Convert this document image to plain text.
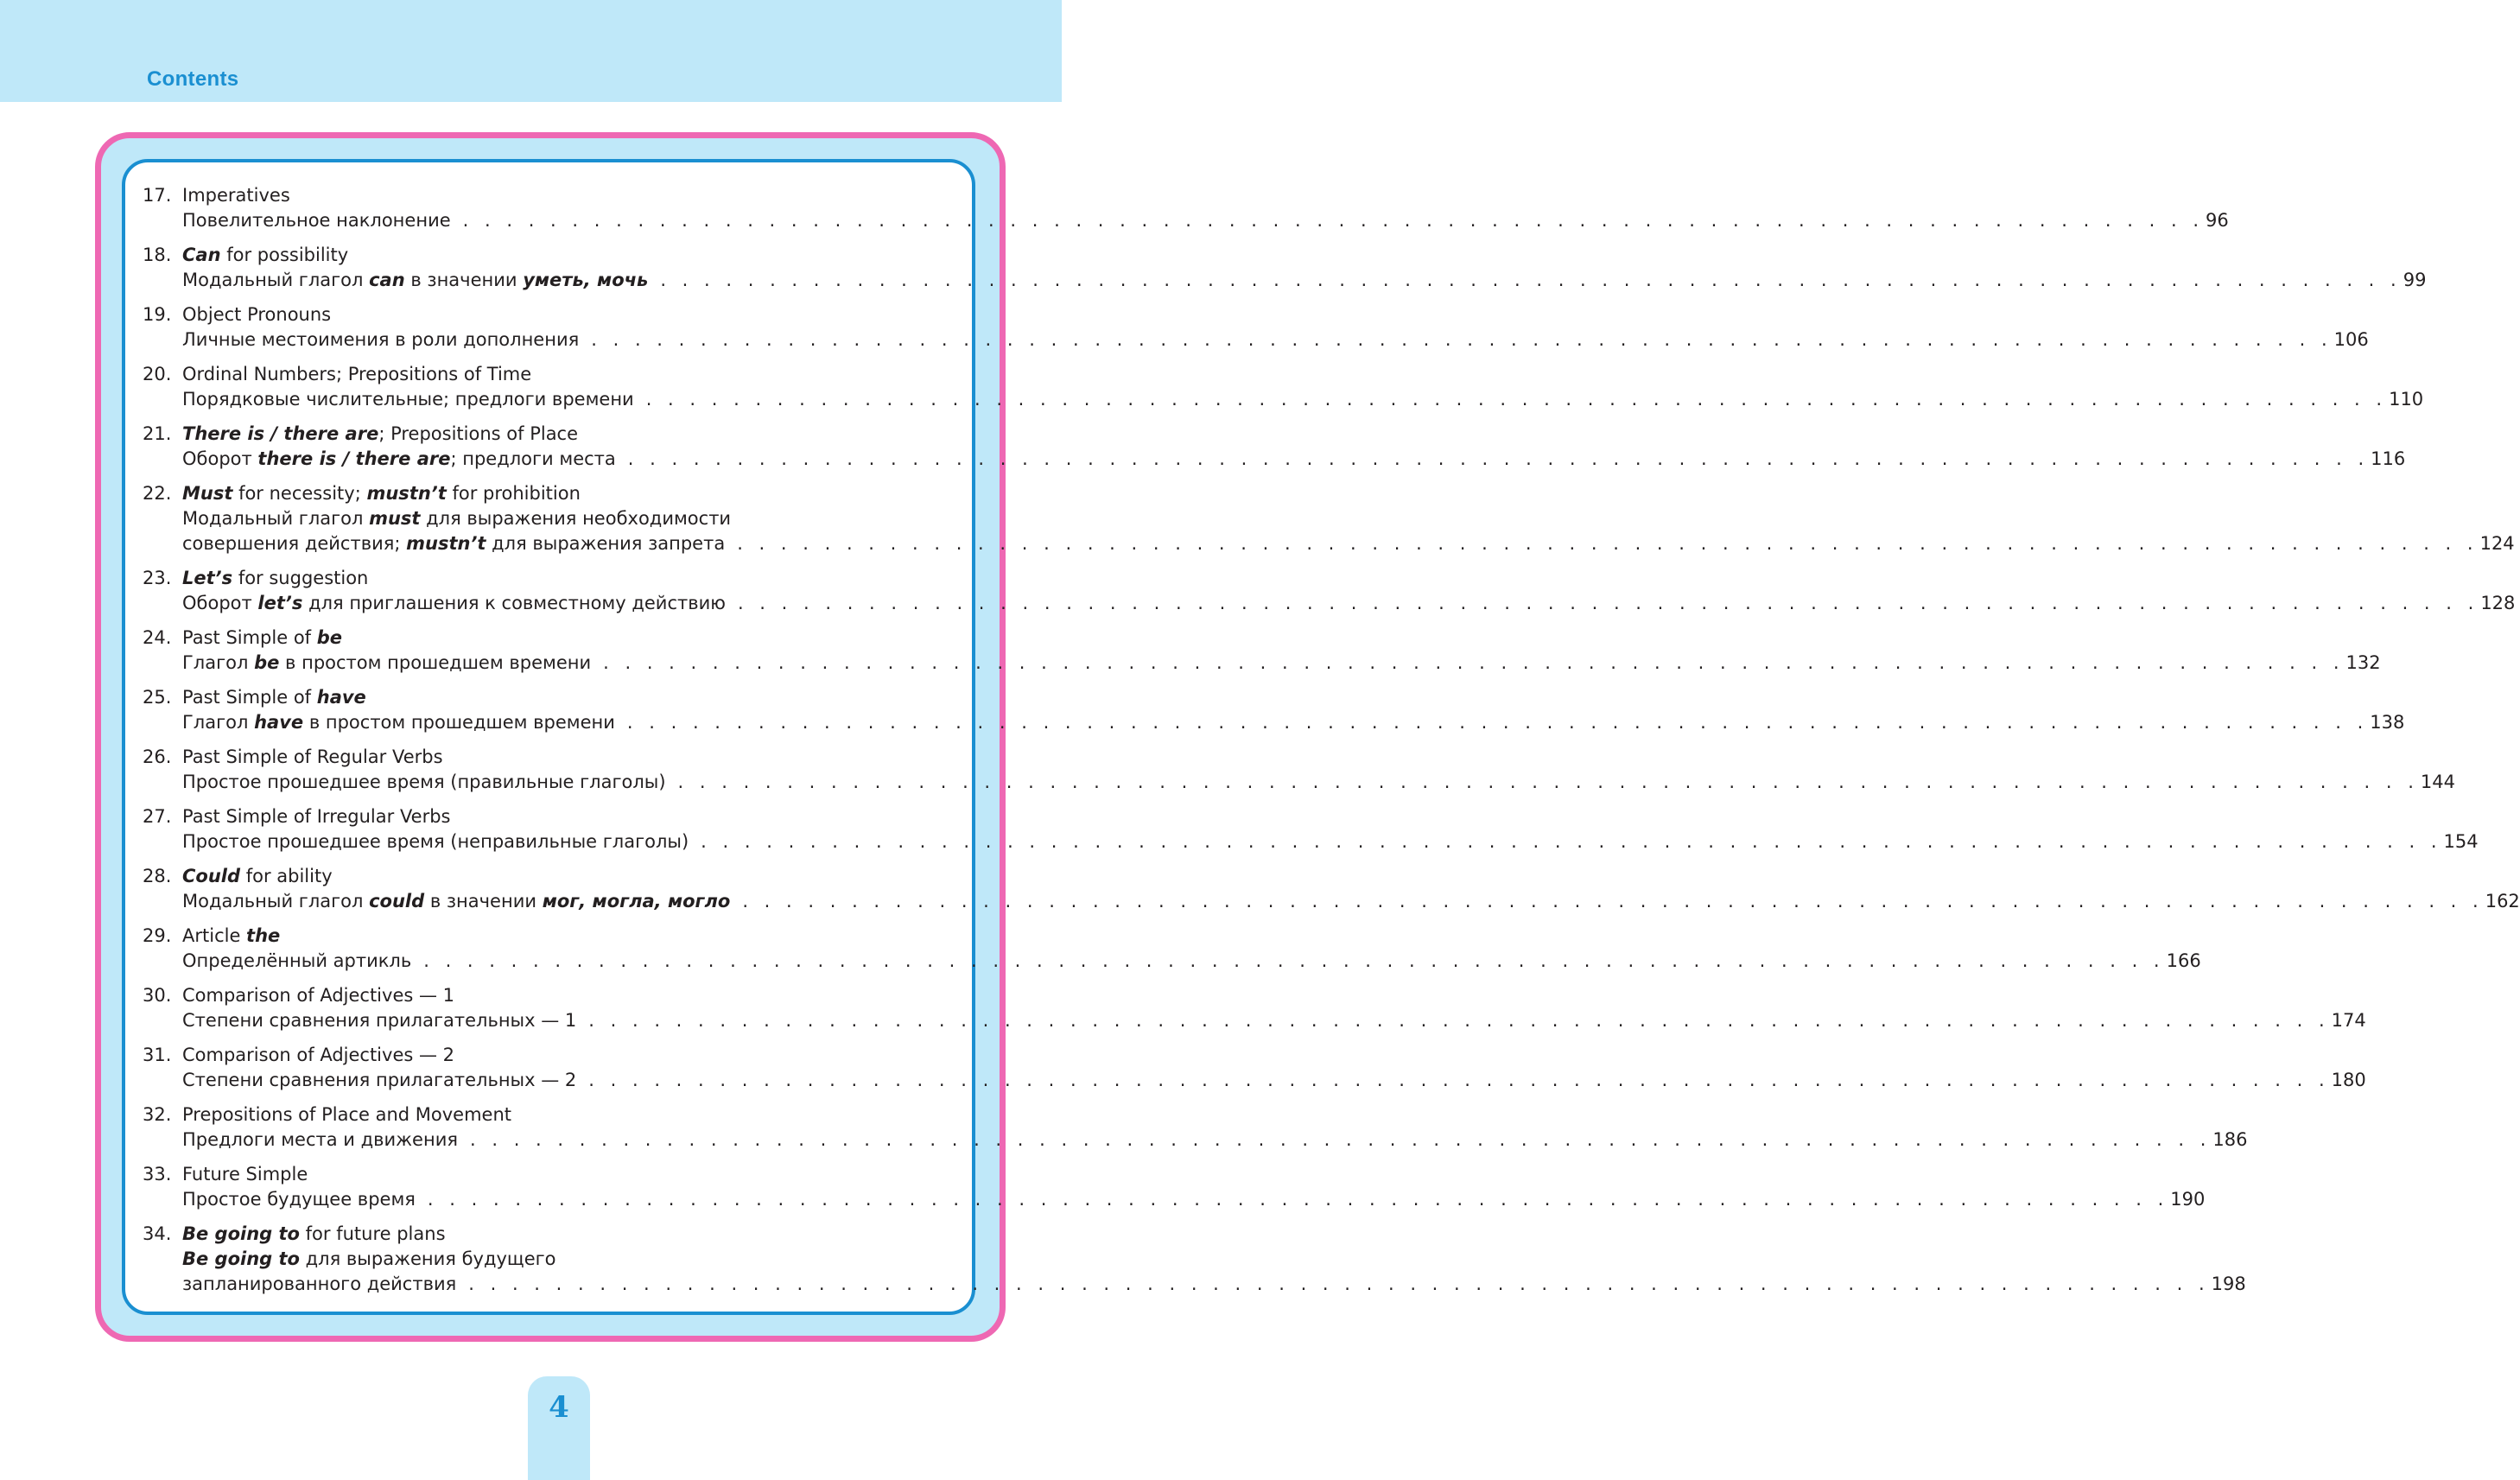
Contents
17. Imperatives
Повелительное наклонение . . . . . . . . . . . . . . . . . . . . . . . . . . . . . . . . . . . . . . . . . . . . . . . . . . . . . . . . . . . . . . . . . . . . . . . . . . . . . . . . 96
18. Can for possibility
Модальный глагол can в значении уметь, мочь . . . . . . . . . . . . . . . . . . . . . . . . . . . . . . . . . . . . . . . . . . . . . . . . . . . . . . . . . . . . . . . . . . . . . . . . . . . . . . . . 99
19. Object Pronouns
Личные местоимения в роли дополнения . . . . . . . . . . . . . . . . . . . . . . . . . . . . . . . . . . . . . . . . . . . . . . . . . . . . . . . . . . . . . . . . . . . . . . . . . . . . . . . . 106
20. Ordinal Numbers; Prepositions of Time
Порядковые числительные; предлоги времени . . . . . . . . . . . . . . . . . . . . . . . . . . . . . . . . . . . . . . . . . . . . . . . . . . . . . . . . . . . . . . . . . . . . . . . . . . . . . . . . 110
21. There is / there are; Prepositions of Place
Оборот there is / there are; предлоги места . . . . . . . . . . . . . . . . . . . . . . . . . . . . . . . . . . . . . . . . . . . . . . . . . . . . . . . . . . . . . . . . . . . . . . . . . . . . . . . . 116
22. Must for necessity; mustn’t for prohibition
Модальный глагол must для выражения необходимости
совершения действия; mustn’t для выражения запрета . . . . . . . . . . . . . . . . . . . . . . . . . . . . . . . . . . . . . . . . . . . . . . . . . . . . . . . . . . . . . . . . . . . . . . . . . . . . . . . . 124
23. Let’s for suggestion
Оборот let’s для приглашения к совместному действию . . . . . . . . . . . . . . . . . . . . . . . . . . . . . . . . . . . . . . . . . . . . . . . . . . . . . . . . . . . . . . . . . . . . . . . . . . . . . . . . 128
24. Past Simple of be
Глагол be в простом прошедшем времени . . . . . . . . . . . . . . . . . . . . . . . . . . . . . . . . . . . . . . . . . . . . . . . . . . . . . . . . . . . . . . . . . . . . . . . . . . . . . . . . 132
25. Past Simple of have
Глагол have в простом прошедшем времени . . . . . . . . . . . . . . . . . . . . . . . . . . . . . . . . . . . . . . . . . . . . . . . . . . . . . . . . . . . . . . . . . . . . . . . . . . . . . . . . 138
26. Past Simple of Regular Verbs
Простое прошедшее время (правильные глаголы) . . . . . . . . . . . . . . . . . . . . . . . . . . . . . . . . . . . . . . . . . . . . . . . . . . . . . . . . . . . . . . . . . . . . . . . . . . . . . . . . 144
27. Past Simple of Irregular Verbs
Простое прошедшее время (неправильные глаголы) . . . . . . . . . . . . . . . . . . . . . . . . . . . . . . . . . . . . . . . . . . . . . . . . . . . . . . . . . . . . . . . . . . . . . . . . . . . . . . . . 154
28. Could for ability
Модальный глагол could в значении мог, могла, могло . . . . . . . . . . . . . . . . . . . . . . . . . . . . . . . . . . . . . . . . . . . . . . . . . . . . . . . . . . . . . . . . . . . . . . . . . . . . . . . . 162
29. Article the
Определённый артикль . . . . . . . . . . . . . . . . . . . . . . . . . . . . . . . . . . . . . . . . . . . . . . . . . . . . . . . . . . . . . . . . . . . . . . . . . . . . . . . . 166
30. Comparison of Adjectives — 1
Степени сравнения прилагательных — 1 . . . . . . . . . . . . . . . . . . . . . . . . . . . . . . . . . . . . . . . . . . . . . . . . . . . . . . . . . . . . . . . . . . . . . . . . . . . . . . . . 174
31. Comparison of Adjectives — 2
Степени сравнения прилагательных — 2 . . . . . . . . . . . . . . . . . . . . . . . . . . . . . . . . . . . . . . . . . . . . . . . . . . . . . . . . . . . . . . . . . . . . . . . . . . . . . . . . 180
32. Prepositions of Place and Movement
Предлоги места и движения . . . . . . . . . . . . . . . . . . . . . . . . . . . . . . . . . . . . . . . . . . . . . . . . . . . . . . . . . . . . . . . . . . . . . . . . . . . . . . . . 186
33. Future Simple
Простое будущее время . . . . . . . . . . . . . . . . . . . . . . . . . . . . . . . . . . . . . . . . . . . . . . . . . . . . . . . . . . . . . . . . . . . . . . . . . . . . . . . . 190
34. Be going to for future plans
Be going to для выражения будущего
запланированного действия . . . . . . . . . . . . . . . . . . . . . . . . . . . . . . . . . . . . . . . . . . . . . . . . . . . . . . . . . . . . . . . . . . . . . . . . . . . . . . . . 198
4
